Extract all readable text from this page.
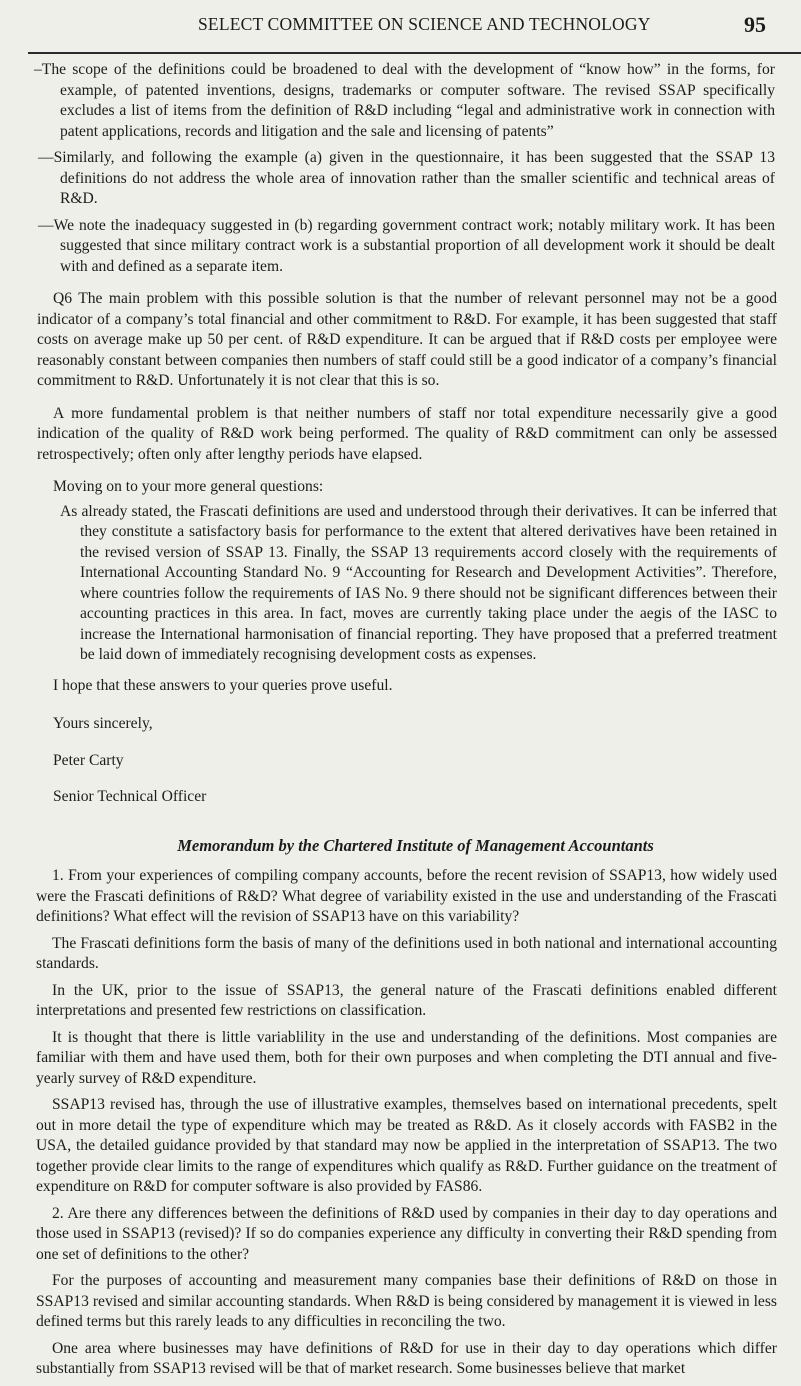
SELECT COMMITTEE ON SCIENCE AND TECHNOLOGY	95

–The scope of the definitions could be broadened to deal with the development of “know how” in the forms, for example, of patented inventions, designs, trademarks or computer software. The revised SSAP specifically excludes a list of items from the definition of R&D including “legal and administrative work in connection with patent applications, records and litigation and the sale and licensing of patents”

—Similarly, and following the example (a) given in the questionnaire, it has been suggested that the SSAP 13 definitions do not address the whole area of innovation rather than the smaller scientific and technical areas of R&D.

—We note the inadequacy suggested in (b) regarding government contract work; notably military work. It has been suggested that since military contract work is a substantial proportion of all development work it should be dealt with and defined as a separate item.

Q6 The main problem with this possible solution is that the number of relevant personnel may not be a good indicator of a company’s total financial and other commitment to R&D. For example, it has been suggested that staff costs on average make up 50 per cent. of R&D expenditure. It can be argued that if R&D costs per employee were reasonably constant between companies then numbers of staff could still be a good indicator of a company’s financial commitment to R&D. Unfortunately it is not clear that this is so.

A more fundamental problem is that neither numbers of staff nor total expenditure necessarily give a good indication of the quality of R&D work being performed. The quality of R&D commitment can only be assessed retrospectively; often only after lengthy periods have elapsed.

Moving on to your more general questions:

As already stated, the Frascati definitions are used and understood through their derivatives. It can be inferred that they constitute a satisfactory basis for performance to the extent that altered derivatives have been retained in the revised version of SSAP 13. Finally, the SSAP 13 requirements accord closely with the requirements of International Accounting Standard No. 9 “Accounting for Research and Development Activities”. Therefore, where countries follow the requirements of IAS No. 9 there should not be significant differences between their accounting practices in this area. In fact, moves are currently taking place under the aegis of the IASC to increase the International harmonisation of financial reporting. They have proposed that a preferred treatment be laid down of immediately recognising development costs as expenses.

I hope that these answers to your queries prove useful.

Yours sincerely,

Peter Carty

Senior Technical Officer

Memorandum by the Chartered Institute of Management Accountants

1. From your experiences of compiling company accounts, before the recent revision of SSAP13, how widely used were the Frascati definitions of R&D? What degree of variability existed in the use and understanding of the Frascati definitions? What effect will the revision of SSAP13 have on this variability?

The Frascati definitions form the basis of many of the definitions used in both national and international accounting standards.

In the UK, prior to the issue of SSAP13, the general nature of the Frascati definitions enabled different interpretations and presented few restrictions on classification.

It is thought that there is little variablility in the use and understanding of the definitions. Most companies are familiar with them and have used them, both for their own purposes and when completing the DTI annual and five-yearly survey of R&D expenditure.

SSAP13 revised has, through the use of illustrative examples, themselves based on international precedents, spelt out in more detail the type of expenditure which may be treated as R&D. As it closely accords with FASB2 in the USA, the detailed guidance provided by that standard may now be applied in the interpretation of SSAP13. The two together provide clear limits to the range of expenditures which qualify as R&D. Further guidance on the treatment of expenditure on R&D for computer software is also provided by FAS86.

2. Are there any differences between the definitions of R&D used by companies in their day to day operations and those used in SSAP13 (revised)? If so do companies experience any difficulty in converting their R&D spending from one set of definitions to the other?

For the purposes of accounting and measurement many companies base their definitions of R&D on those in SSAP13 revised and similar accounting standards. When R&D is being considered by management it is viewed in less defined terms but this rarely leads to any difficulties in reconciling the two.

One area where businesses may have definitions of R&D for use in their day to day operations which differ substantially from SSAP13 revised will be that of market research. Some businesses believe that market
